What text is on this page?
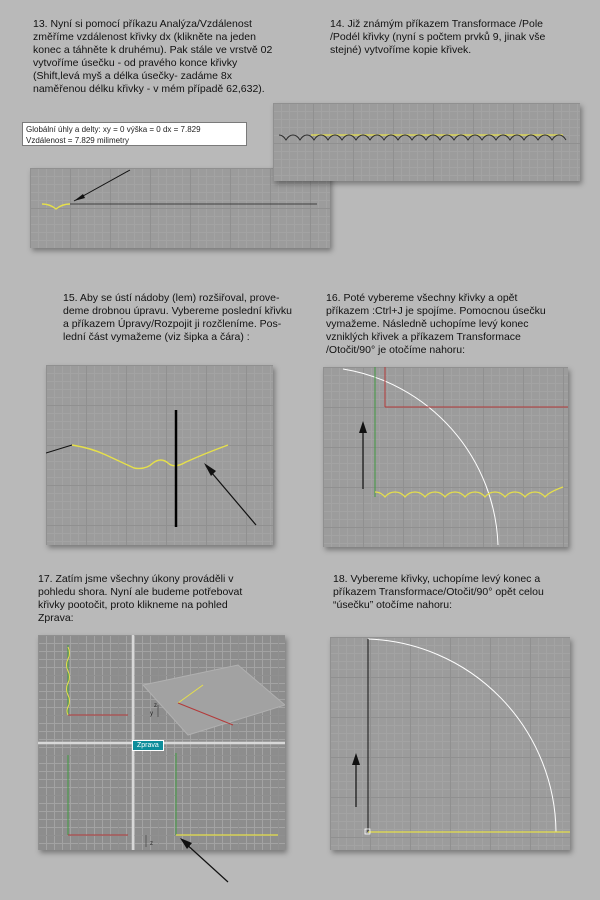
13. Nyní si pomocí příkazu Analýza/Vzdálenost
změříme vzdálenost křivky dx (klikněte na jeden
konec a táhněte k druhému). Pak stále ve vrstvě 02
vytvoříme úsečku - od pravého konce křivky
(Shift,levá myš a délka úsečky- zadáme 8x
naměřenou délku křivky - v mém případě 62,632).

14. Již známým příkazem Transformace /Pole
/Podél křivky (nyní s počtem prvků 9, jinak vše
stejné) vytvoříme kopie křivek.

15. Aby se ústí nádoby (lem) rozšiřoval, prove-
deme drobnou úpravu. Vybereme poslední křivku
a příkazem Úpravy/Rozpojit ji rozčleníme. Pos-
lední část vymažeme (viz šipka a čára) :

16. Poté vybereme všechny křivky a opět
příkazem :Ctrl+J je spojíme. Pomocnou úsečku
vymažeme. Následně uchopíme levý konec
vzniklých křivek a příkazem Transformace
/Otočit/90° je otočíme nahoru:

17. Zatím jsme všechny úkony prováděli v
pohledu shora. Nyní ale budeme potřebovat
křivky pootočit, proto klikneme na pohled
Zprava:

18. Vybereme křivky, uchopíme levý konec a
příkazem Transformace/Otočit/90° opět celou
“úsečku” otočíme nahoru:

Globální úhly a delty: xy = 0 výška = 0 dx = 7.829
Vzdálenost = 7.829 milimetry
z
y
z
Zprava
